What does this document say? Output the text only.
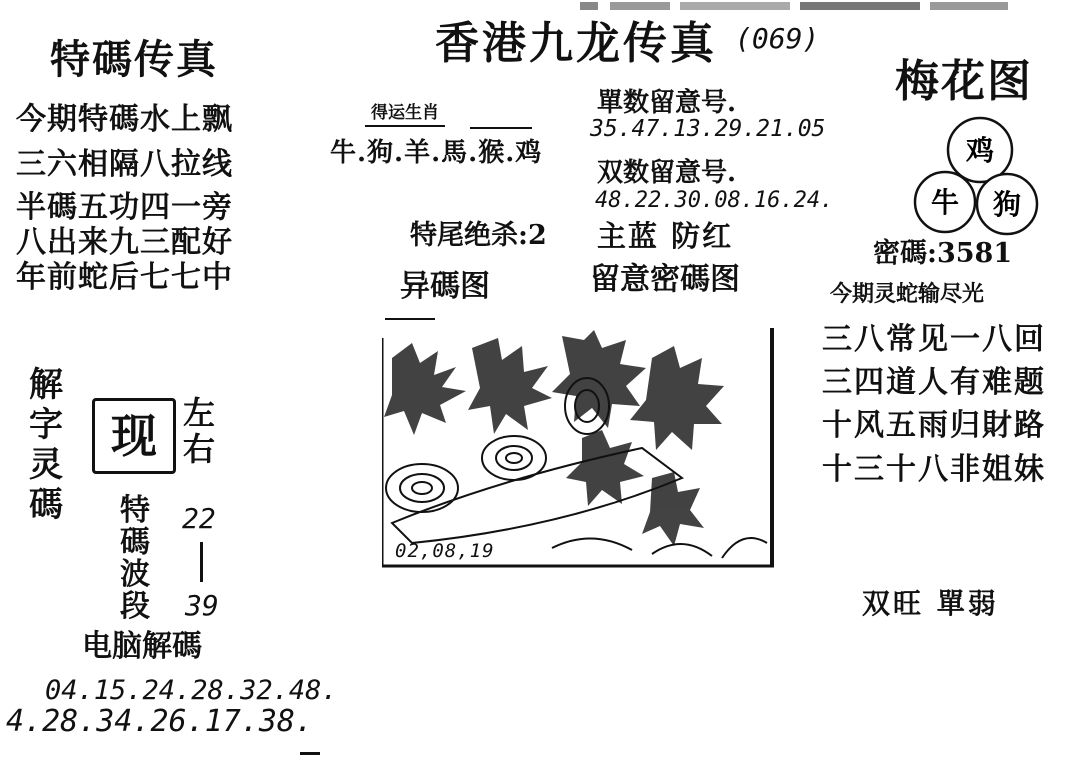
特碼传真
今期特碼水上飘
三六相隔八拉线
半碼五功四一旁
八出来九三配好
年前蛇后七七中
解字灵碼
现 左右
特碼波段
22
39
电脑解碼
04.15.24.28.32.48.
4.28.34.26.17.38.
香港九龙传真 (069)
得运生肖
牛.狗.羊.馬.猴.鸡
單数留意号.
35.47.13.29.21.05
双数留意号.
48.22.30.08.16.24.
特尾绝杀:2 主蓝 防红
异碼图	留意密碼图
02,08,19
梅花图
鸡
牛 狗
密碼:3581
今期灵蛇输尽光
三八常见一八回
三四道人有难题
十风五雨归財路
十三十八非姐妹
双旺 單弱
